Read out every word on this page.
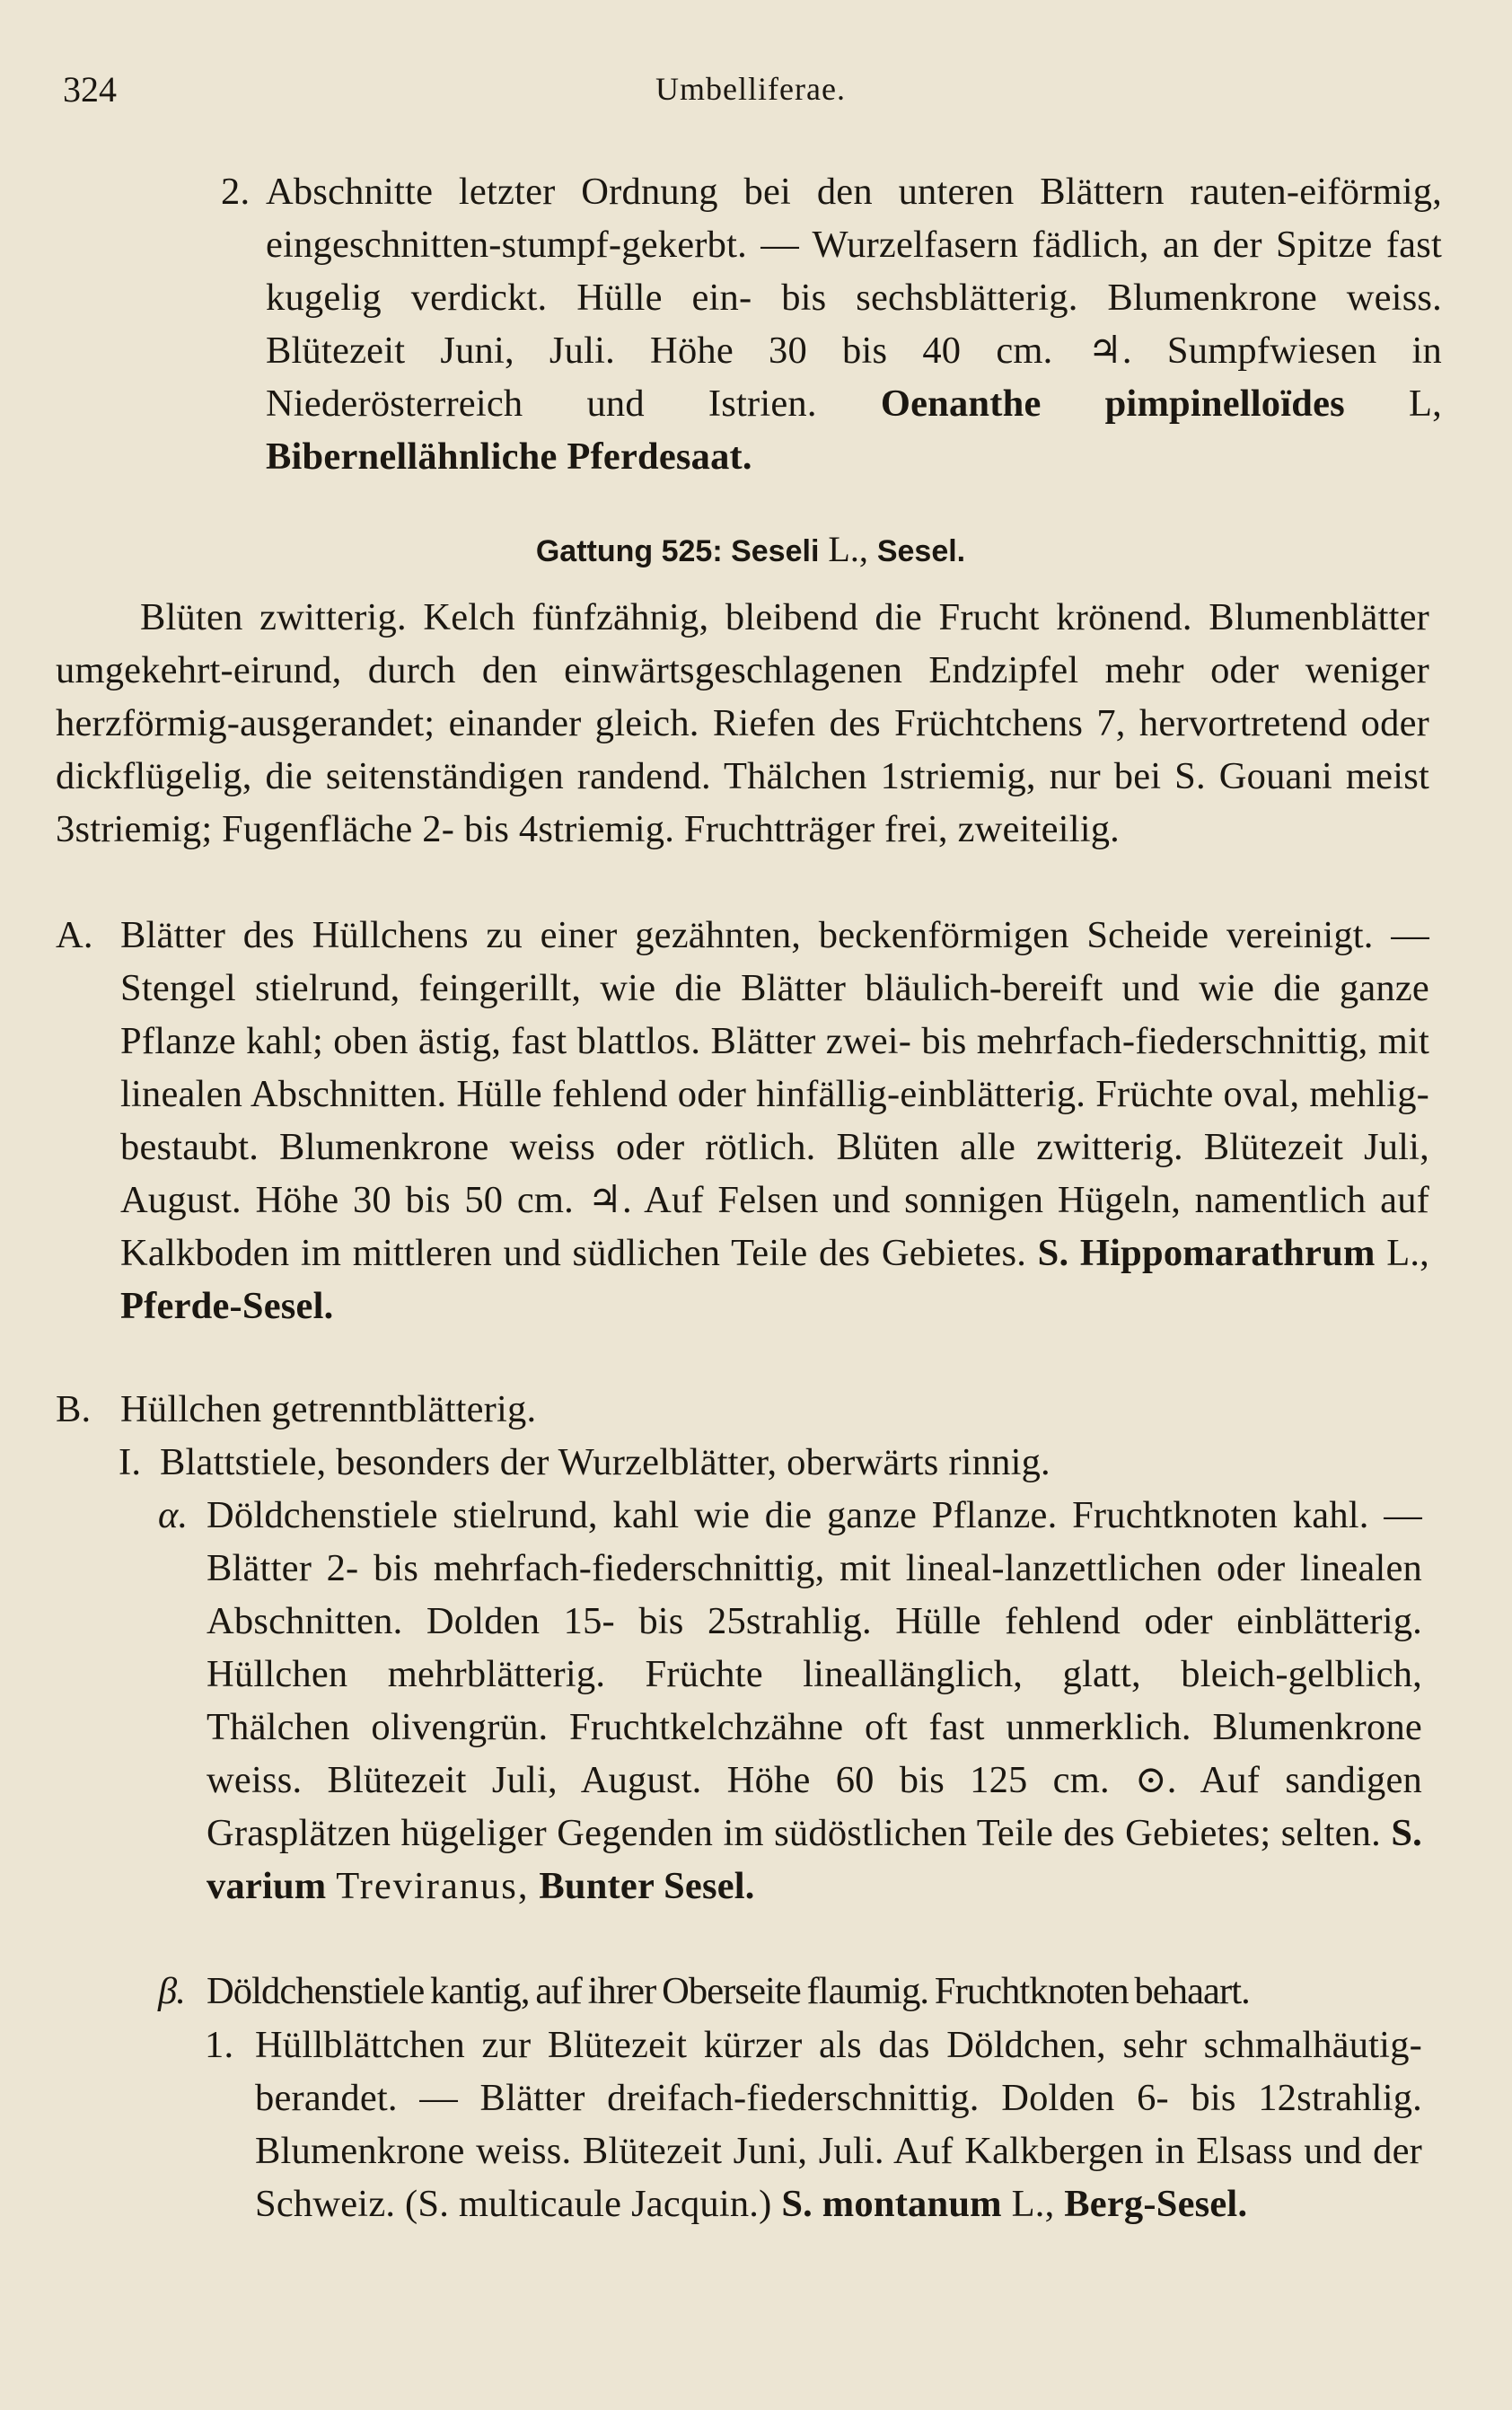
324	Umbelliferae.
2. Abschnitte letzter Ordnung bei den unteren Blättern rauten-eiförmig, eingeschnitten-stumpf-gekerbt. — Wurzelfasern fädlich, an der Spitze fast kugelig verdickt. Hülle ein- bis sechsblätterig. Blumenkrone weiss. Blütezeit Juni, Juli. Höhe 30 bis 40 cm. ♃. Sumpfwiesen in Niederösterreich und Istrien. Oenanthe pimpinelloïdes L, Bibernellähnliche Pferdesaat.
Gattung 525: Seseli L., Sesel.
Blüten zwitterig. Kelch fünfzähnig, bleibend die Frucht krönend. Blumenblätter umgekehrt-eirund, durch den einwärtsgeschlagenen Endzipfel mehr oder weniger herzförmig-ausgerandet; einander gleich. Riefen des Früchtchens 7, hervortretend oder dickflügelig, die seitenständigen randend. Thälchen 1striemig, nur bei S. Gouani meist 3striemig; Fugenfläche 2- bis 4striemig. Fruchtträger frei, zweiteilig.
A. Blätter des Hüllchens zu einer gezähnten, beckenförmigen Scheide vereinigt. — Stengel stielrund, feingerillt, wie die Blätter bläulich-bereift und wie die ganze Pflanze kahl; oben ästig, fast blattlos. Blätter zwei- bis mehrfach-fiederschnittig, mit linealen Abschnitten. Hülle fehlend oder hinfällig-einblätterig. Früchte oval, mehlig-bestaubt. Blumenkrone weiss oder rötlich. Blüten alle zwitterig. Blütezeit Juli, August. Höhe 30 bis 50 cm. ♃. Auf Felsen und sonnigen Hügeln, namentlich auf Kalkboden im mittleren und südlichen Teile des Gebietes. S. Hippomarathrum L., Pferde-Sesel.
B. Hüllchen getrenntblätterig.
I. Blattstiele, besonders der Wurzelblätter, oberwärts rinnig.
α. Döldchenstiele stielrund, kahl wie die ganze Pflanze. Fruchtknoten kahl. — Blätter 2- bis mehrfach-fiederschnittig, mit lineal-lanzettlichen oder linealen Abschnitten. Dolden 15- bis 25strahlig. Hülle fehlend oder einblätterig. Hüllchen mehrblätterig. Früchte lineallänglich, glatt, bleich-gelblich, Thälchen olivengrün. Fruchtkelchzähne oft fast unmerklich. Blumenkrone weiss. Blütezeit Juli, August. Höhe 60 bis 125 cm. ⊙. Auf sandigen Grasplätzen hügeliger Gegenden im südöstlichen Teile des Gebietes; selten. S. varium Treviranus, Bunter Sesel.
β. Döldchenstiele kantig, auf ihrer Oberseite flaumig. Fruchtknoten behaart.
1. Hüllblättchen zur Blütezeit kürzer als das Döldchen, sehr schmalhäutig-berandet. — Blätter dreifach-fiederschnittig. Dolden 6- bis 12strahlig. Blumenkrone weiss. Blütezeit Juni, Juli. Auf Kalkbergen in Elsass und der Schweiz. (S. multicaule Jacquin.) S. montanum L., Berg-Sesel.
